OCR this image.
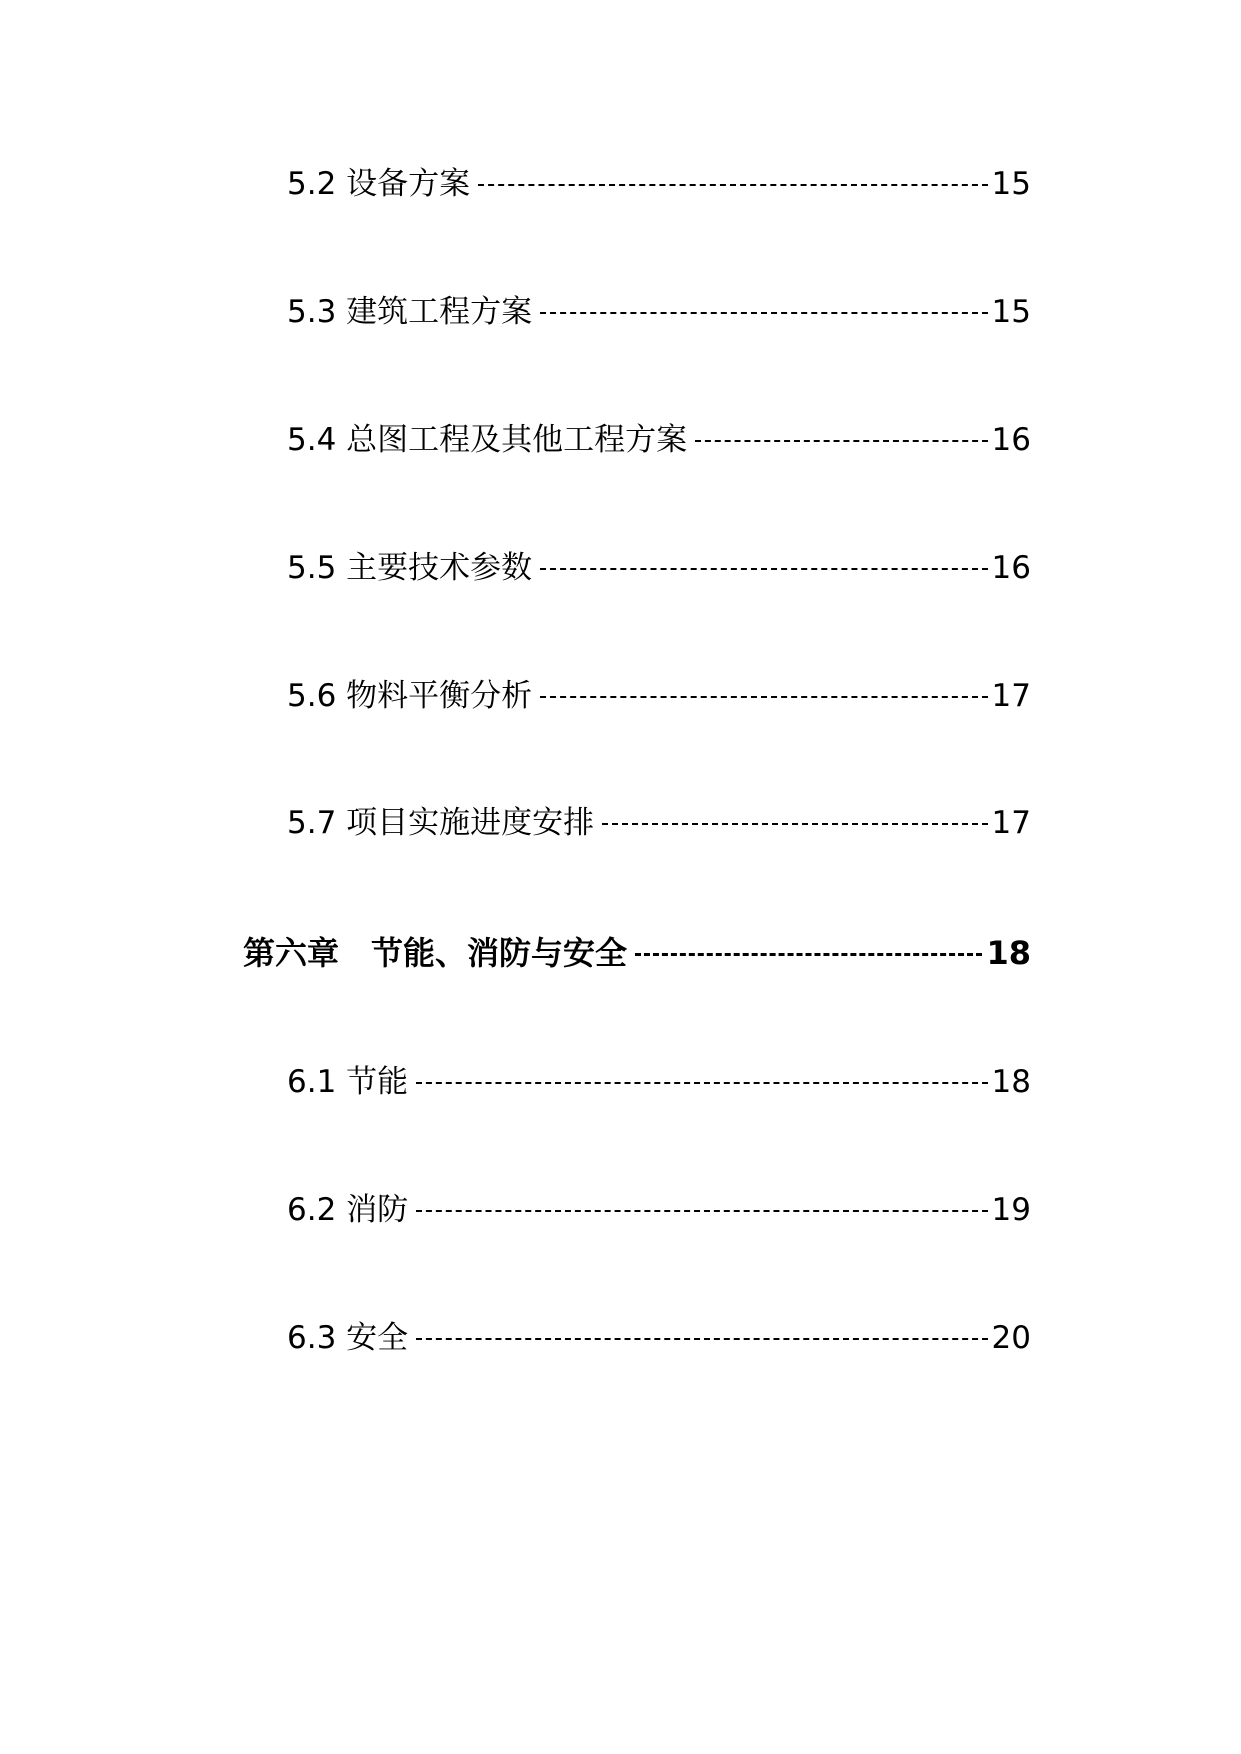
5.2 设备方案	15
5.3 建筑工程方案	15
5.4 总图工程及其他工程方案	16
5.5 主要技术参数	16
5.6 物料平衡分析	17
5.7 项目实施进度安排	17
第六章　节能、消防与安全	18
6.1 节能	18
6.2 消防	19
6.3 安全	20
